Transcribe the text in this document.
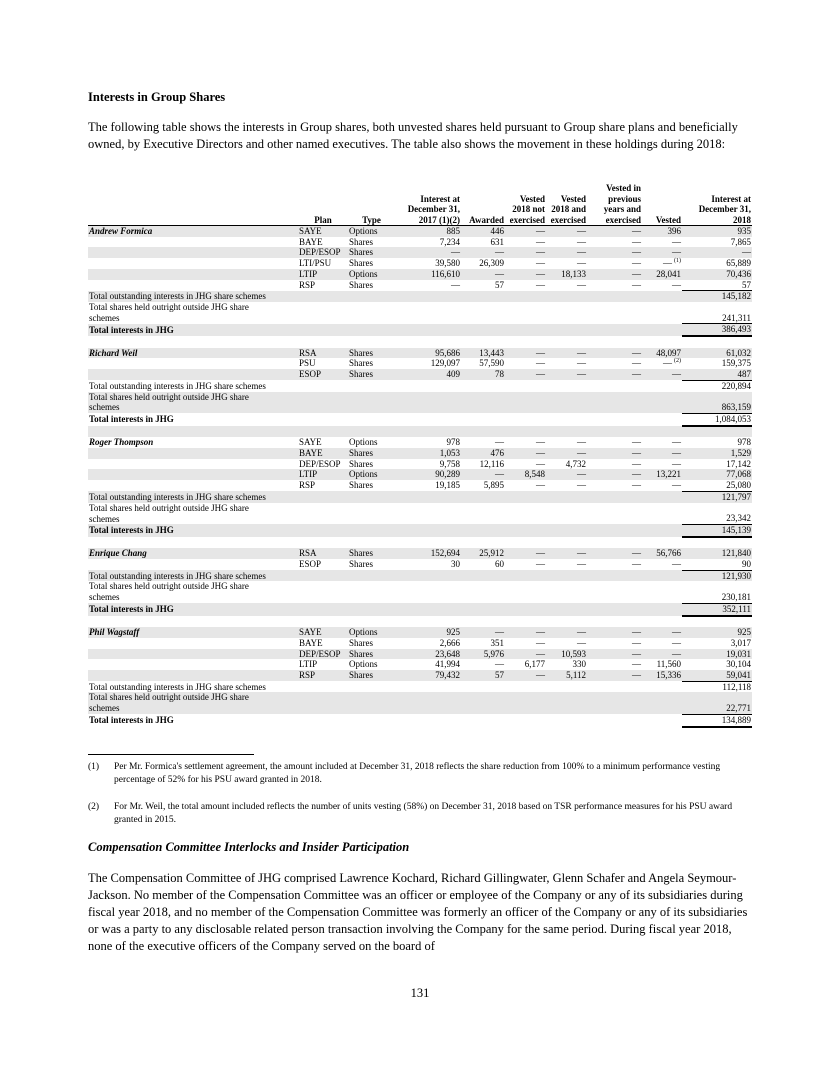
Interests in Group Shares

The following table shows the interests in Group shares, both unvested shares held pursuant to Group share plans and beneficially owned, by Executive Directors and other named executives. The table also shows the movement in these holdings during 2018:

	Plan	Type	Interest at December 31, 2017 (1)(2)	Awarded	Vested 2018 not exercised	Vested 2018 and exercised	Vested in previous years and exercised	Vested	Interest at December 31, 2018
Andrew Formica	SAYE	Options	885	446	—	—	—	396	935
	BAYE	Shares	7,234	631	—	—	—	—	7,865
	DEP/ESOP	Shares	—	—	—	—	—	—	—
	LTI/PSU	Shares	39,580	26,309	—	—	—	— $^{(1)}$	65,889
	LTIP	Options	116,610	—	—	18,133	—	28,041	70,436
	RSP	Shares	—	57	—	—	—	—	57
Total outstanding interests in JHG share schemes									145,182
Total shares held outright outside JHG share									
schemes									241,311
Total interests in JHG									386,493

Richard Weil	RSA	Shares	95,686	13,443	—	—	—	48,097	61,032
	PSU	Shares	129,097	57,590	—	—	—	— $^{(2)}$	159,375
	ESOP	Shares	409	78	—	—	—	—	487
Total outstanding interests in JHG share schemes									220,894
Total shares held outright outside JHG share									
schemes									863,159
Total interests in JHG									1,084,053

Roger Thompson	SAYE	Options	978	—	—	—	—	—	978
	BAYE	Shares	1,053	476	—	—	—	—	1,529
	DEP/ESOP	Shares	9,758	12,116	—	4,732	—	—	17,142
	LTIP	Options	90,289	—	8,548	—	—	13,221	77,068
	RSP	Shares	19,185	5,895	—	—	—	—	25,080
Total outstanding interests in JHG share schemes									121,797
Total shares held outright outside JHG share									
schemes									23,342
Total interests in JHG									145,139

Enrique Chang	RSA	Shares	152,694	25,912	—	—	—	56,766	121,840
	ESOP	Shares	30	60	—	—	—	—	90
Total outstanding interests in JHG share schemes									121,930
Total shares held outright outside JHG share									
schemes									230,181
Total interests in JHG									352,111

Phil Wagstaff	SAYE	Options	925	—	—	—	—	—	925
	BAYE	Shares	2,666	351	—	—	—	—	3,017
	DEP/ESOP	Shares	23,648	5,976	—	10,593	—	—	19,031
	LTIP	Options	41,994	—	6,177	330	—	11,560	30,104
	RSP	Shares	79,432	57	—	5,112	—	15,336	59,041
Total outstanding interests in JHG share schemes									112,118
Total shares held outright outside JHG share									
schemes									22,771
Total interests in JHG									134,889
(1) Per Mr. Formica's settlement agreement, the amount included at December 31, 2018 reflects the share reduction from 100% to a minimum performance vesting percentage of 52% for his PSU award granted in 2018.
(2) For Mr. Weil, the total amount included reflects the number of units vesting (58%) on December 31, 2018 based on TSR performance measures for his PSU award granted in 2015.
Compensation Committee Interlocks and Insider Participation

The Compensation Committee of JHG comprised Lawrence Kochard, Richard Gillingwater, Glenn Schafer and Angela Seymour-Jackson. No member of the Compensation Committee was an officer or employee of the Company or any of its subsidiaries during fiscal year 2018, and no member of the Compensation Committee was formerly an officer of the Company or any of its subsidiaries or was a party to any disclosable related person transaction involving the Company for the same period. During fiscal year 2018, none of the executive officers of the Company served on the board of

131
